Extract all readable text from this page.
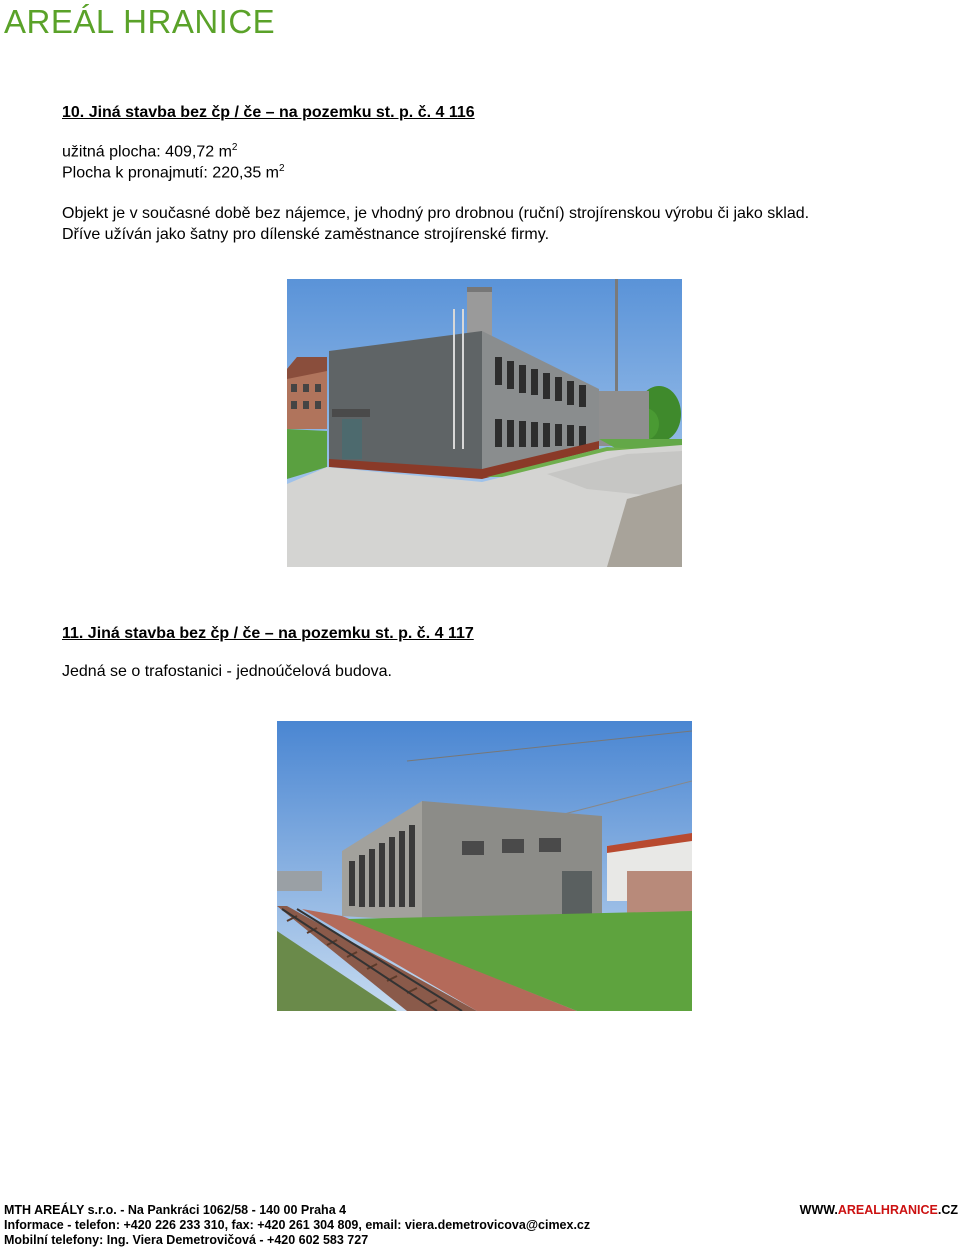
AREÁL HRANICE
10. Jiná stavba bez čp / če – na pozemku st. p. č. 4 116
užitná plocha: 409,72 $m^2$
Plocha k pronajmutí: 220,35 $m^2$
Objekt je v současné době bez nájemce, je vhodný pro drobnou (ruční) strojírenskou výrobu či jako sklad.
Dříve užíván jako šatny pro dílenské zaměstnance strojírenské firmy.
11. Jiná stavba bez čp / če – na pozemku st. p. č. 4 117
Jedná se o trafostanici - jednoúčelová budova.
MTH AREÁLY s.r.o. - Na Pankráci 1062/58 - 140 00 Praha 4
Informace - telefon: +420 226 233 310, fax: +420 261 304 809, email: viera.demetrovicova@cimex.cz
Mobilní telefony: Ing. Viera Demetrovičová - +420 602 583 727
WWW.AREALHRANICE.CZ
